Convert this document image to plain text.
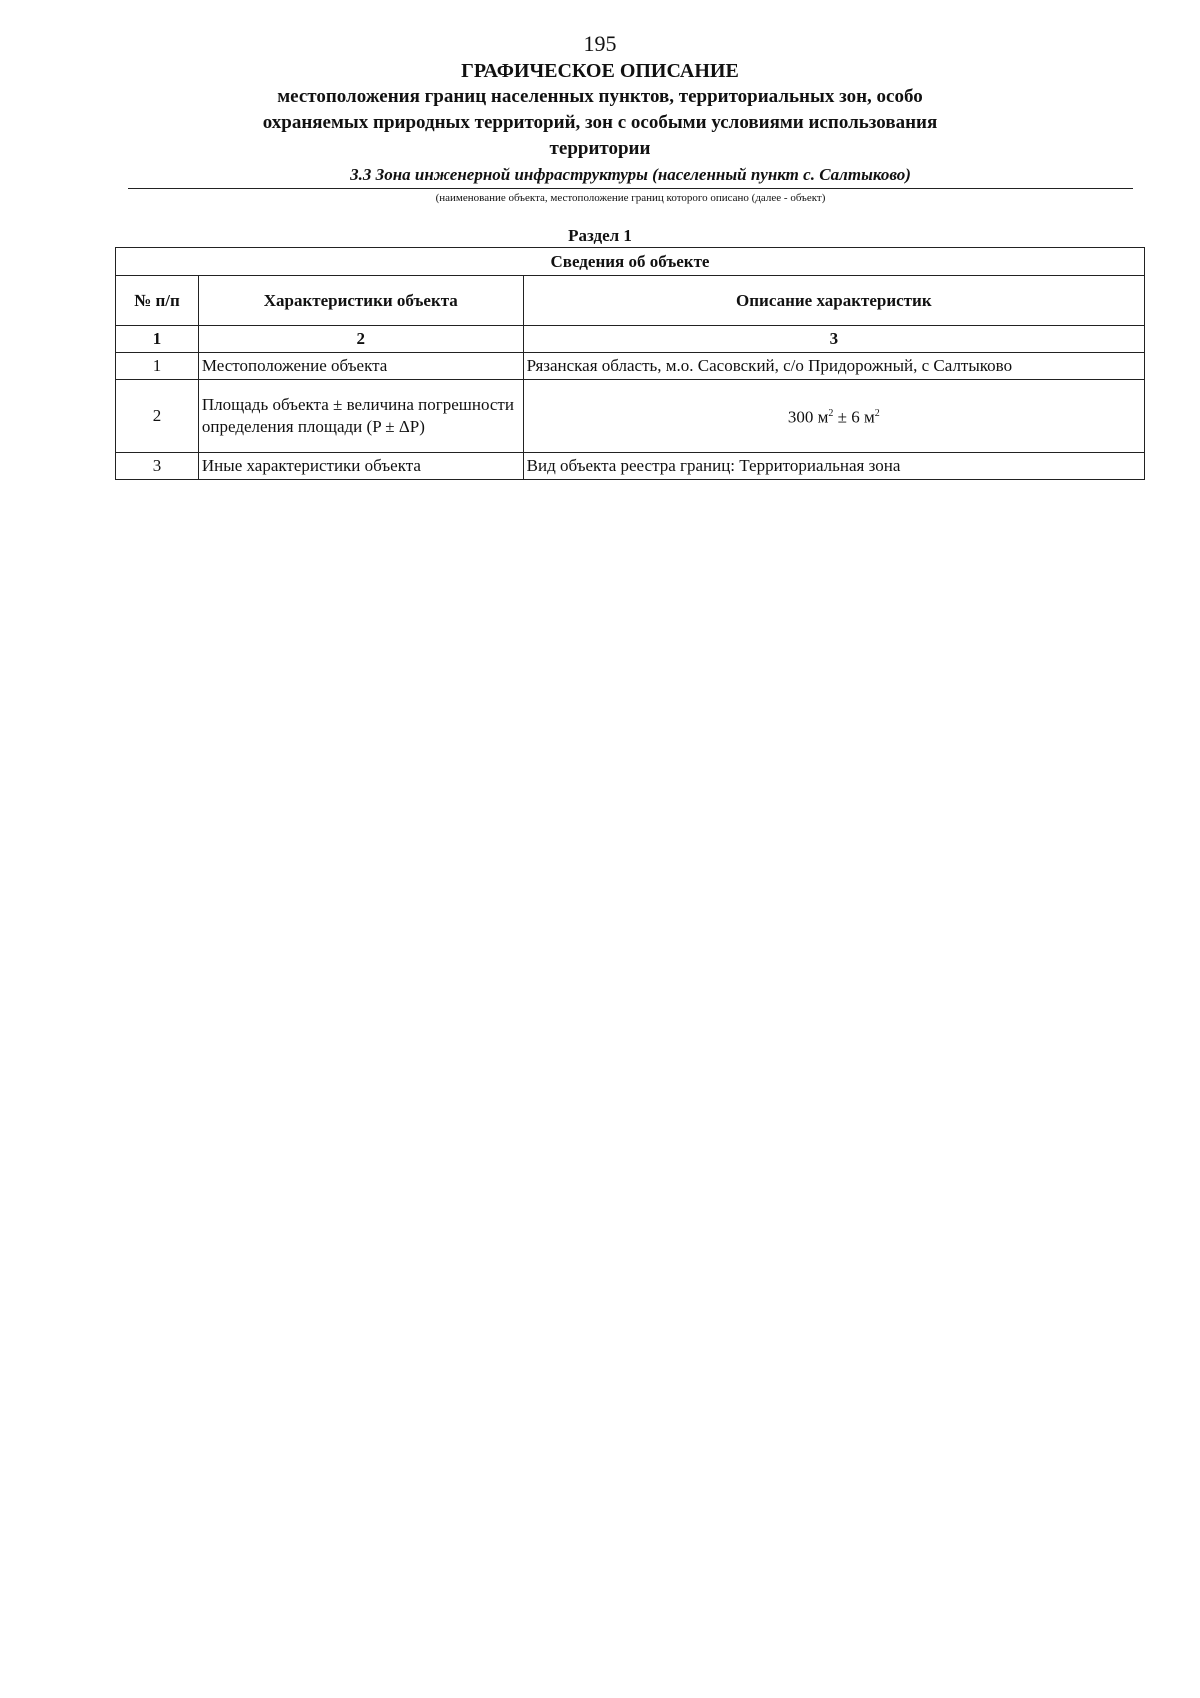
195
ГРАФИЧЕСКОЕ ОПИСАНИЕ
местоположения границ населенных пунктов, территориальных зон, особо охраняемых природных территорий, зон с особыми условиями использования территории
3.3 Зона инженерной инфраструктуры (населенный пункт с. Салтыково)
(наименование объекта, местоположение границ которого описано (далее - объект)
Раздел 1
Сведения об объекте		
№ п/п	Характеристики объекта	Описание характеристик
1	2	3
1	Местоположение объекта	Рязанская область, м.о. Сасовский, с/о Придорожный, с Салтыково
2	Площадь объекта ± величина погрешности определения площади (P ± ΔP)	300 $м^2 \pm 6$ $м^2$
3	Иные характеристики объекта	Вид объекта реестра границ: Территориальная зона
